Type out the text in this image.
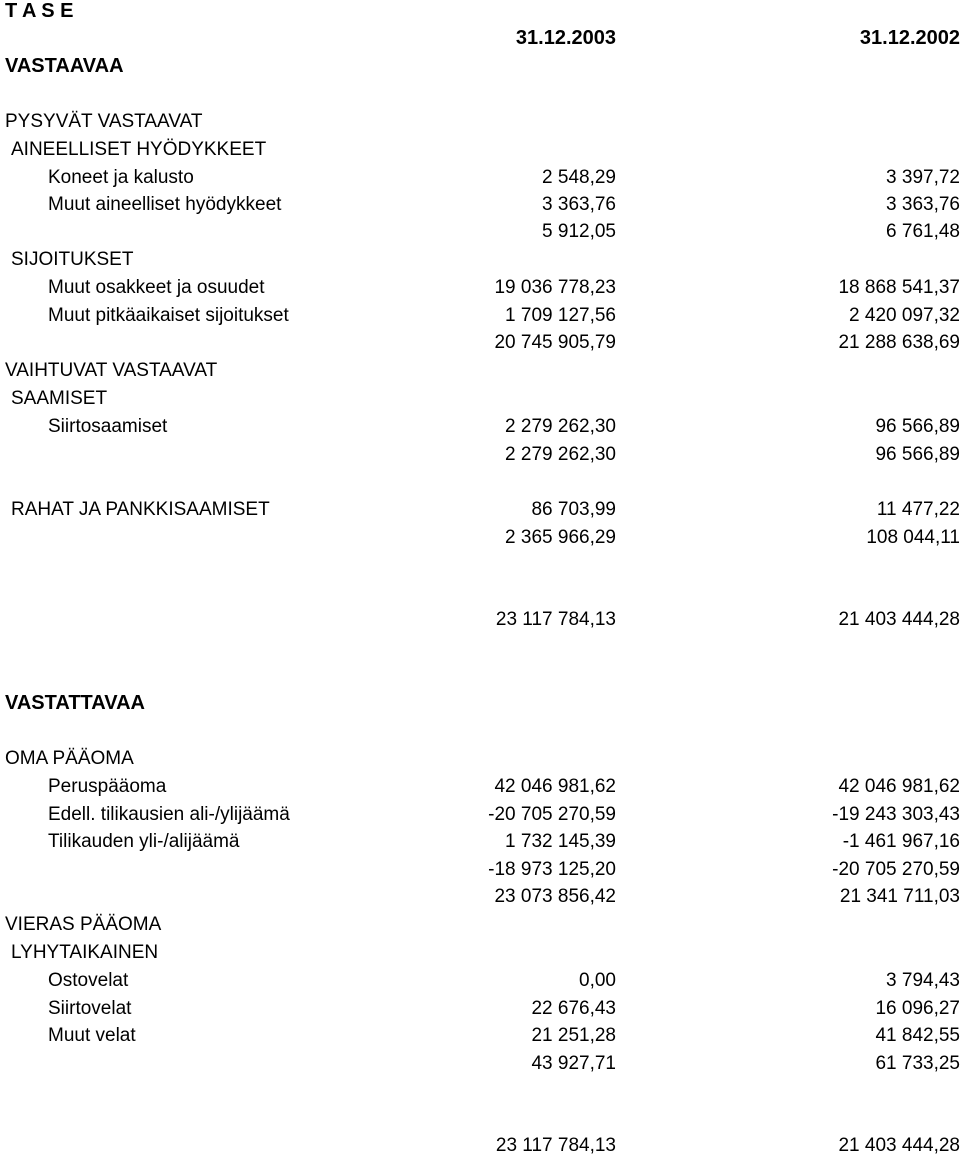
T A S E
31.12.2003	31.12.2002
VASTAAVAA
PYSYVÄT VASTAAVAT
AINEELLISET HYÖDYKKEET
Koneet ja kalusto	2 548,29	3 397,72
Muut aineelliset hyödykkeet	3 363,76	3 363,76
5 912,05	6 761,48
SIJOITUKSET
Muut osakkeet ja osuudet	19 036 778,23	18 868 541,37
Muut pitkäaikaiset sijoitukset	1 709 127,56	2 420 097,32
20 745 905,79	21 288 638,69
VAIHTUVAT VASTAAVAT
SAAMISET
Siirtosaamiset	2 279 262,30	96 566,89
2 279 262,30	96 566,89
RAHAT JA PANKKISAAMISET	86 703,99	11 477,22
2 365 966,29	108 044,11
23 117 784,13	21 403 444,28
VASTATTAVAA
OMA PÄÄOMA
Peruspääoma	42 046 981,62	42 046 981,62
Edell. tilikausien ali-/ylijäämä	-20 705 270,59	-19 243 303,43
Tilikauden yli-/alijäämä	1 732 145,39	-1 461 967,16
-18 973 125,20	-20 705 270,59
23 073 856,42	21 341 711,03
VIERAS PÄÄOMA
LYHYTAIKAINEN
Ostovelat	0,00	3 794,43
Siirtovelat	22 676,43	16 096,27
Muut velat	21 251,28	41 842,55
43 927,71	61 733,25
23 117 784,13	21 403 444,28
